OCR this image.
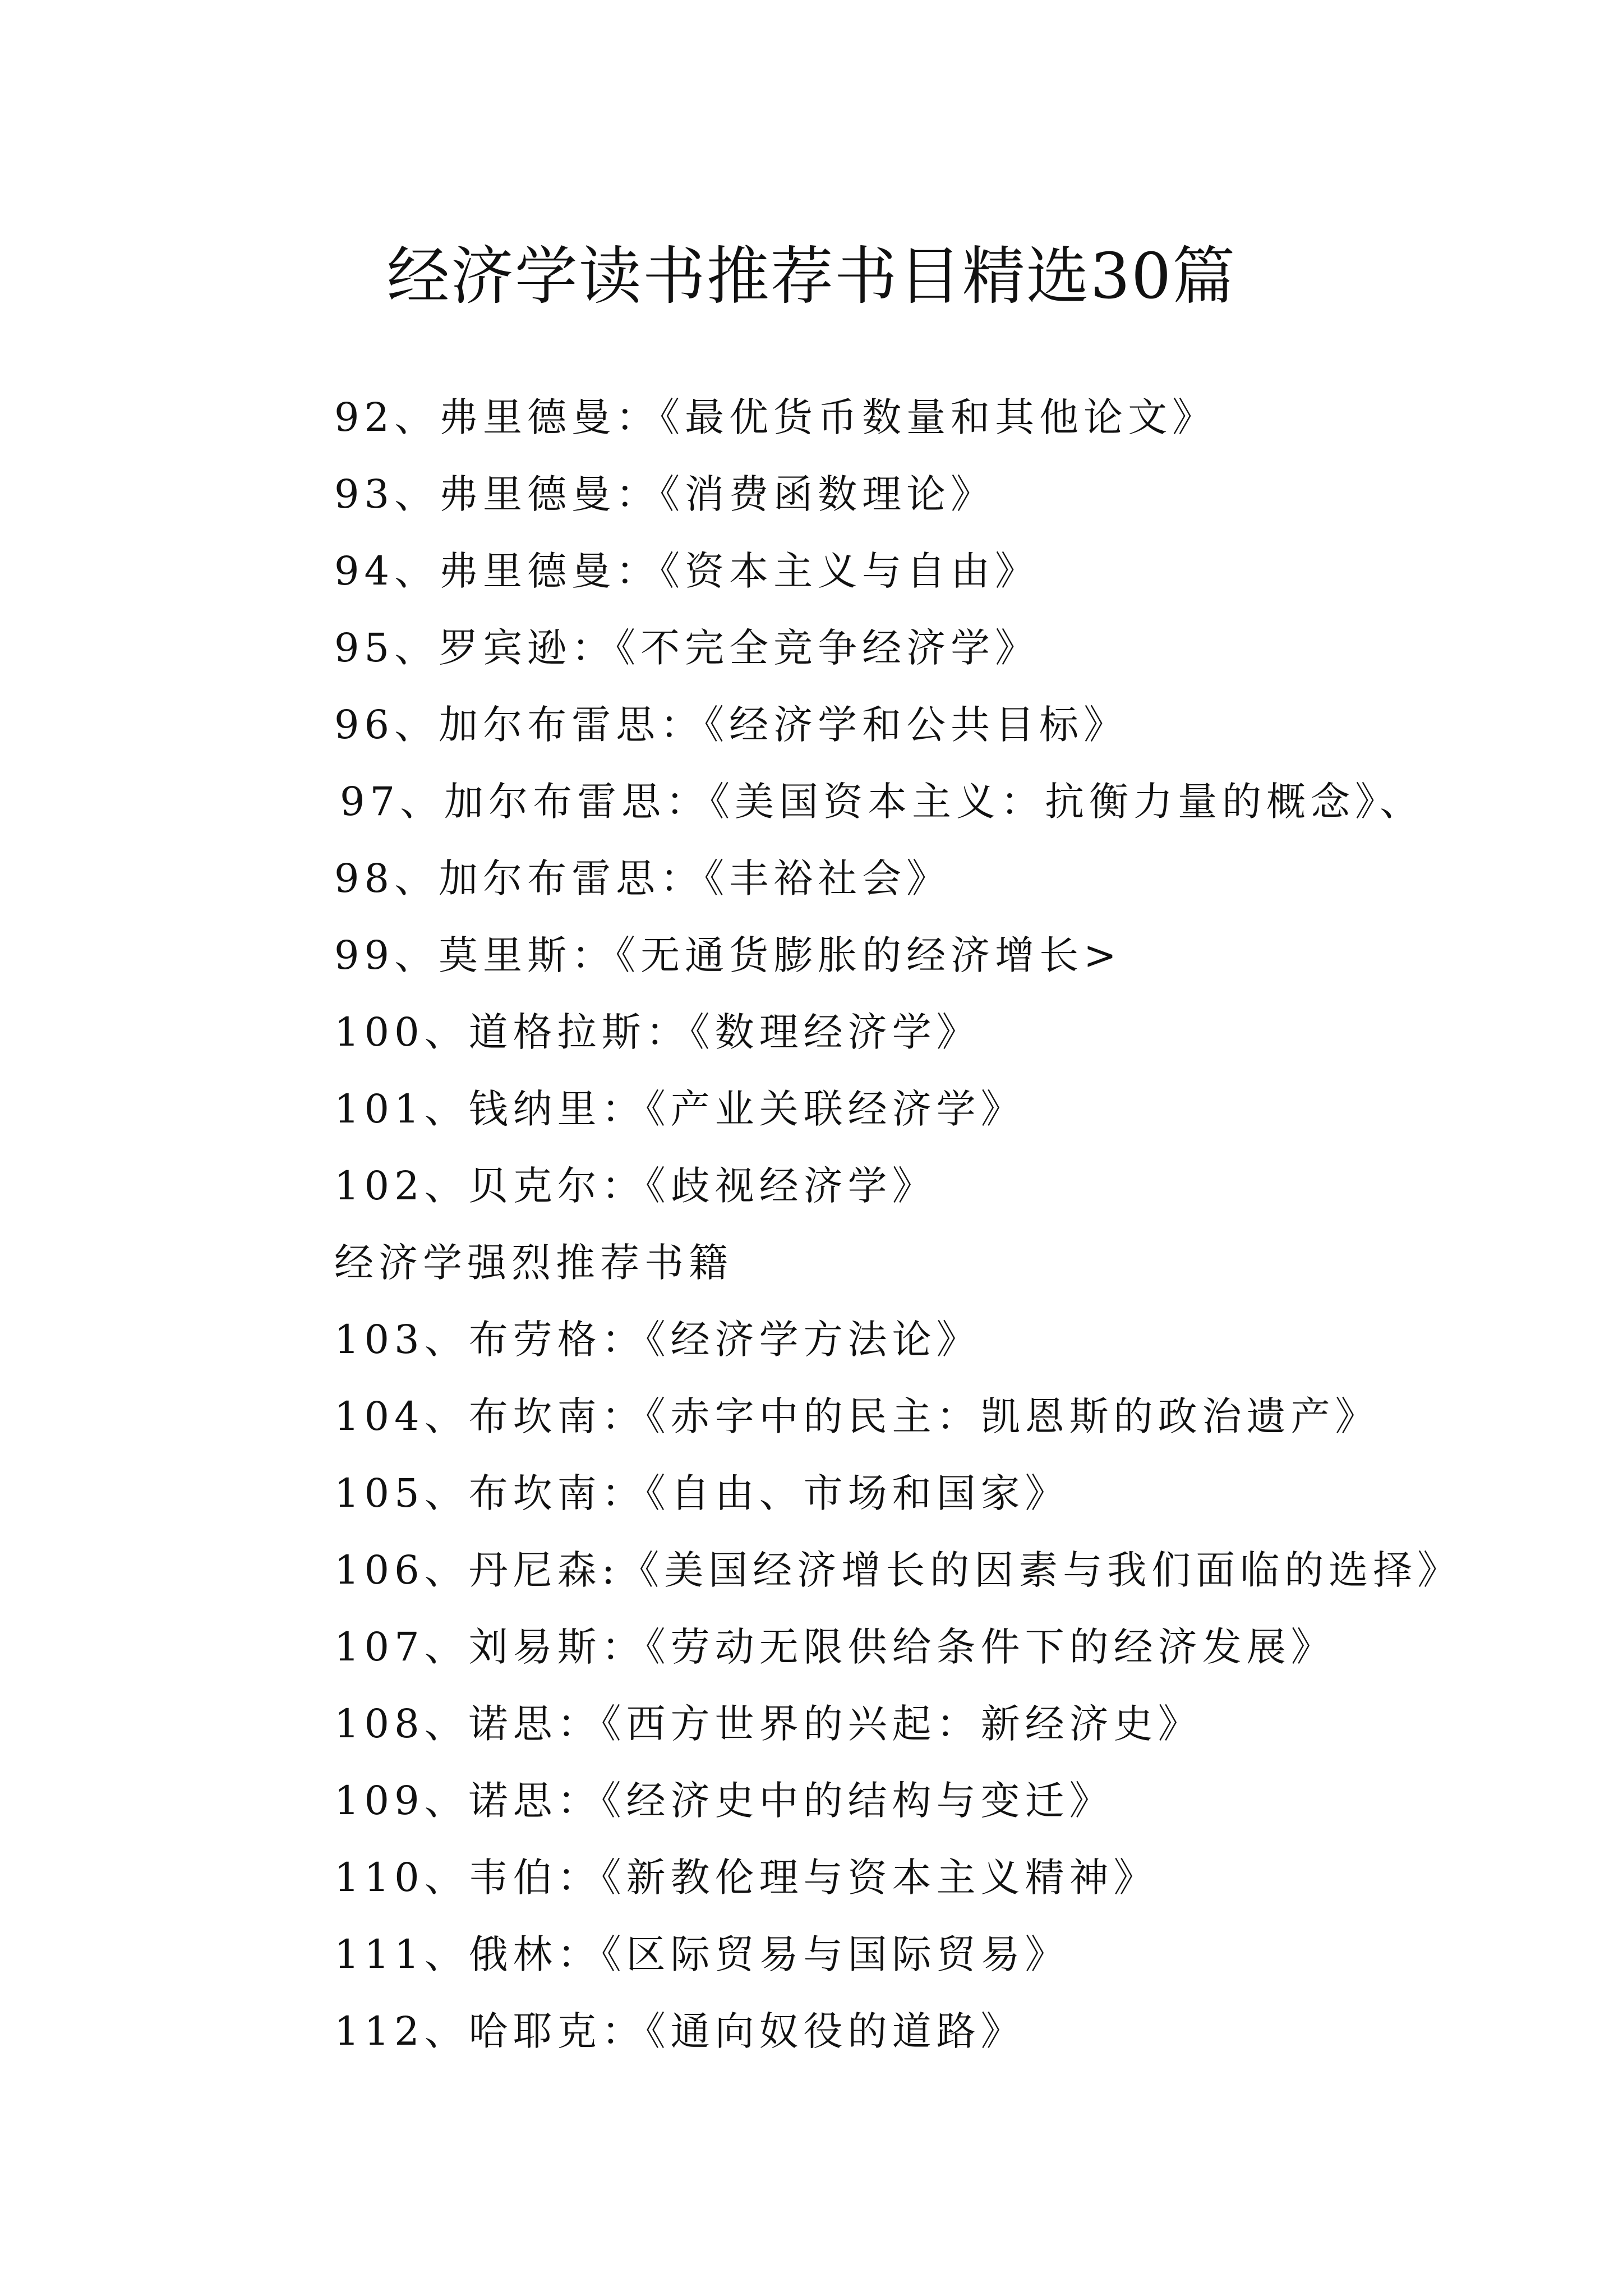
经济学读书推荐书目精选30篇
92、弗里德曼：《最优货币数量和其他论文》
93、弗里德曼：《消费函数理论》
94、弗里德曼：《资本主义与自由》
95、罗宾逊：《不完全竞争经济学》
96、加尔布雷思：《经济学和公共目标》
97、加尔布雷思：《美国资本主义：抗衡力量的概念》、
98、加尔布雷思：《丰裕社会》
99、莫里斯：《无通货膨胀的经济增长>
100、道格拉斯：《数理经济学》
101、钱纳里：《产业关联经济学》
102、贝克尔：《歧视经济学》
经济学强烈推荐书籍
103、布劳格：《经济学方法论》
104、布坎南：《赤字中的民主：凯恩斯的政治遗产》
105、布坎南：《自由、市场和国家》
106、丹尼森:《美国经济增长的因素与我们面临的选择》
107、刘易斯：《劳动无限供给条件下的经济发展》
108、诺思：《西方世界的兴起：新经济史》
109、诺思：《经济史中的结构与变迁》
110、韦伯：《新教伦理与资本主义精神》
111、俄林：《区际贸易与国际贸易》
112、哈耶克：《通向奴役的道路》
